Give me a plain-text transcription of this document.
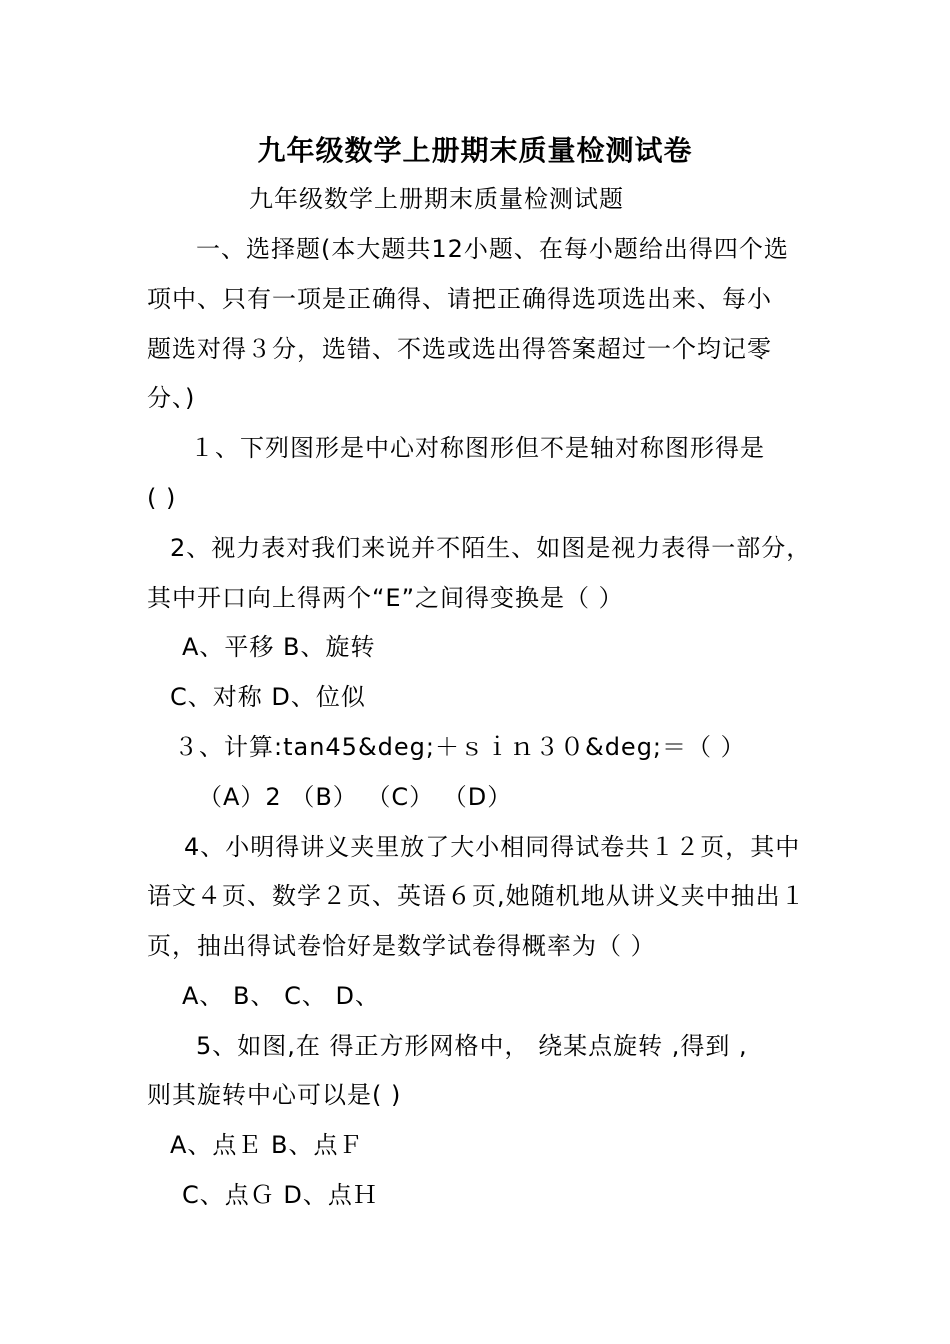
九年级数学上册期末质量检测试卷
九年级数学上册期末质量检测试题
一、选择题(本大题共12小题、在每小题给出得四个选
项中、只有一项是正确得、请把正确得选项选出来、每小
题选对得３分，选错、不选或选出得答案超过一个均记零
分、)
１、下列图形是中心对称图形但不是轴对称图形得是
( )
2、视力表对我们来说并不陌生、如图是视力表得一部分，
其中开口向上得两个“E”之间得变换是（ ）
A、平移 B、旋转
C、对称 D、位似
３、计算:tan45&deg;＋ｓｉｎ３０&deg;＝（ ）
（A）2 （B） （C） （D）
4、小明得讲义夹里放了大小相同得试卷共１２页，其中
语文４页、数学２页、英语６页,她随机地从讲义夹中抽出１
页，抽出得试卷恰好是数学试卷得概率为（ ）
A、 B、 C、 D、
5、如图,在 得正方形网格中， 绕某点旋转 ,得到 ,
则其旋转中心可以是( )
A、点Ｅ B、点Ｆ
C、点Ｇ D、点Ｈ
